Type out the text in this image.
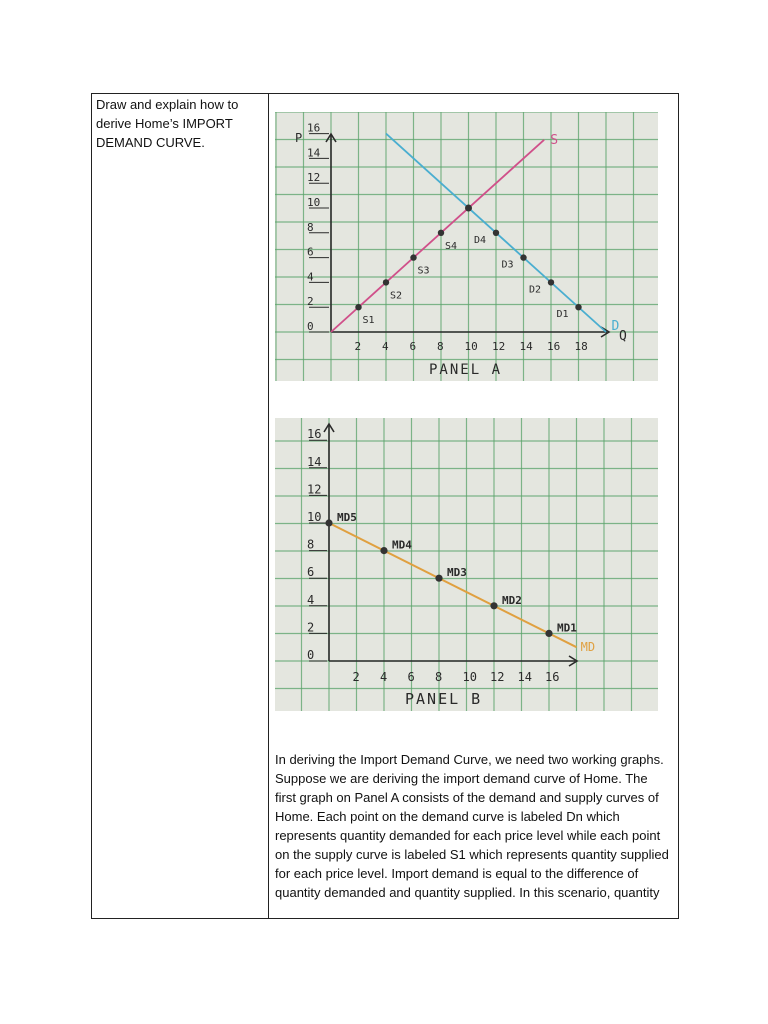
Draw and explain how to derive Home’s IMPORT DEMAND CURVE.	P
Q
0
2
4
6
8
10
12
14
16
2 4 6 8 10 12 14 16 18
S
D
S1
S2
S3
S4
D4
D3
D2
D1
PANEL A
0
2
4
6
8
10
12
14
16
2 4 6 8 10 12 14 16
MD
MD5
MD4
MD3
MD2
MD1
PANEL B

In deriving the Import Demand Curve, we need two working graphs. Suppose we are deriving the import demand curve of Home. The first graph on Panel A consists of the demand and supply curves of Home. Each point on the demand curve is labeled Dn which represents quantity demanded for each price level while each point on the supply curve is labeled S1 which represents quantity supplied for each price level. Import demand is equal to the difference of quantity demanded and quantity supplied. In this scenario, quantity
